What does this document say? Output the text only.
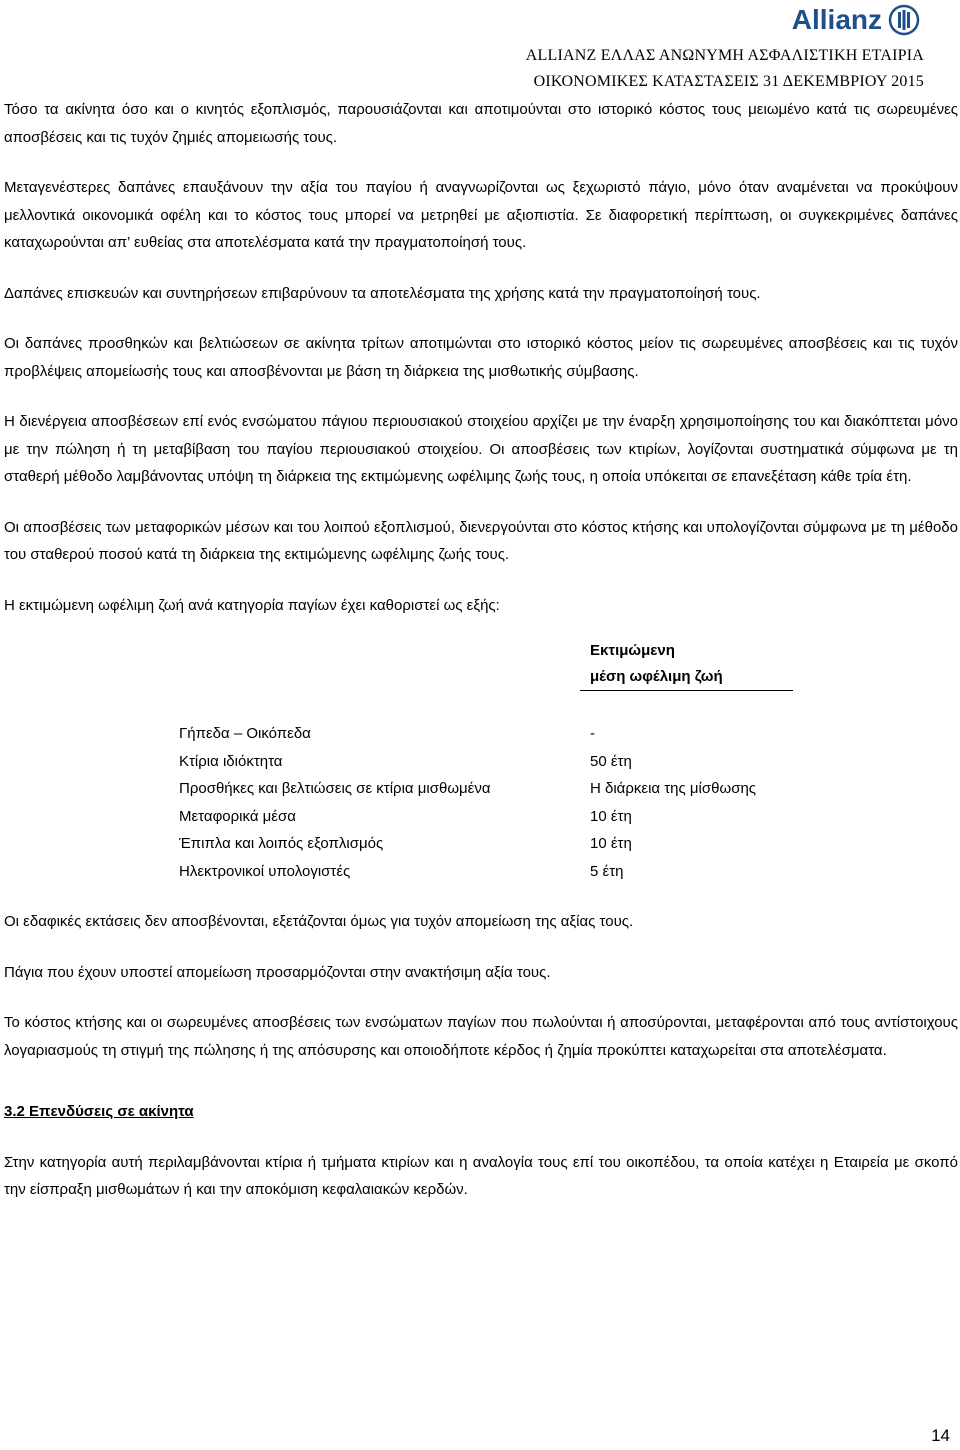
Allianz
ALLIANZ ΕΛΛΑΣ ΑΝΩΝΥΜΗ ΑΣΦΑΛΙΣΤΙΚΗ ΕΤΑΙΡΙΑ
ΟΙΚΟΝΟΜΙΚΕΣ ΚΑΤΑΣΤΑΣΕΙΣ 31 ΔΕΚΕΜΒΡΙΟΥ 2015

Τόσο τα ακίνητα όσο και ο κινητός εξοπλισμός, παρουσιάζονται και αποτιμούνται στο ιστορικό κόστος τους μειωμένο κατά τις σωρευμένες αποσβέσεις και τις τυχόν ζημιές απομειωσής τους.

Μεταγενέστερες δαπάνες επαυξάνουν την αξία του παγίου ή αναγνωρίζονται ως ξεχωριστό πάγιο, μόνο όταν αναμένεται να προκύψουν μελλοντικά οικονομικά οφέλη και το κόστος τους μπορεί να μετρηθεί με αξιοπιστία. Σε διαφορετική περίπτωση, οι συγκεκριμένες δαπάνες καταχωρούνται απ’ ευθείας στα αποτελέσματα κατά την πραγματοποίησή τους.

Δαπάνες επισκευών και συντηρήσεων επιβαρύνουν τα αποτελέσματα της χρήσης κατά την πραγματοποίησή τους.

Οι δαπάνες προσθηκών και βελτιώσεων σε ακίνητα τρίτων αποτιμώνται στο ιστορικό κόστος μείον τις σωρευμένες αποσβέσεις και τις τυχόν προβλέψεις απομείωσής τους και αποσβένονται με βάση τη διάρκεια της μισθωτικής σύμβασης.

Η διενέργεια αποσβέσεων επί ενός ενσώματου πάγιου περιουσιακού στοιχείου αρχίζει με την έναρξη χρησιμοποίησης του και διακόπτεται μόνο με την πώληση ή τη μεταβίβαση του παγίου περιουσιακού στοιχείου. Οι αποσβέσεις των κτιρίων, λογίζονται συστηματικά σύμφωνα με τη σταθερή μέθοδο λαμβάνοντας υπόψη τη διάρκεια της εκτιμώμενης ωφέλιμης ζωής τους, η οποία υπόκειται σε επανεξέταση κάθε τρία έτη.

Οι αποσβέσεις των μεταφορικών μέσων και του λοιπού εξοπλισμού, διενεργούνται στο κόστος κτήσης και υπολογίζονται σύμφωνα με τη μέθοδο του σταθερού ποσού κατά τη διάρκεια της εκτιμώμενης ωφέλιμης ζωής τους.

Η εκτιμώμενη ωφέλιμη ζωή ανά κατηγορία παγίων έχει καθοριστεί ως εξής:

Εκτιμώμενη
μέση ωφέλιμη ζωή
Γήπεδα – Οικόπεδα	-
Κτίρια ιδιόκτητα	50 έτη
Προσθήκες και βελτιώσεις σε κτίρια μισθωμένα	Η διάρκεια της μίσθωσης
Μεταφορικά μέσα	10 έτη
Έπιπλα και λοιπός εξοπλισμός	10 έτη
Ηλεκτρονικοί υπολογιστές	5 έτη

Οι εδαφικές εκτάσεις δεν αποσβένονται, εξετάζονται όμως για τυχόν απομείωση της αξίας τους.

Πάγια που έχουν υποστεί απομείωση προσαρμόζονται στην ανακτήσιμη αξία τους.

Το κόστος κτήσης και οι σωρευμένες αποσβέσεις των ενσώματων παγίων που πωλούνται ή αποσύρονται, μεταφέρονται από τους αντίστοιχους λογαριασμούς τη στιγμή της πώλησης ή της απόσυρσης και οποιοδήποτε κέρδος ή ζημία προκύπτει καταχωρείται στα αποτελέσματα.

3.2 Επενδύσεις σε ακίνητα

Στην κατηγορία αυτή περιλαμβάνονται κτίρια ή τμήματα κτιρίων και η αναλογία τους επί του οικοπέδου, τα οποία κατέχει η Εταιρεία με σκοπό την είσπραξη μισθωμάτων ή και την αποκόμιση κεφαλαιακών κερδών.

14
